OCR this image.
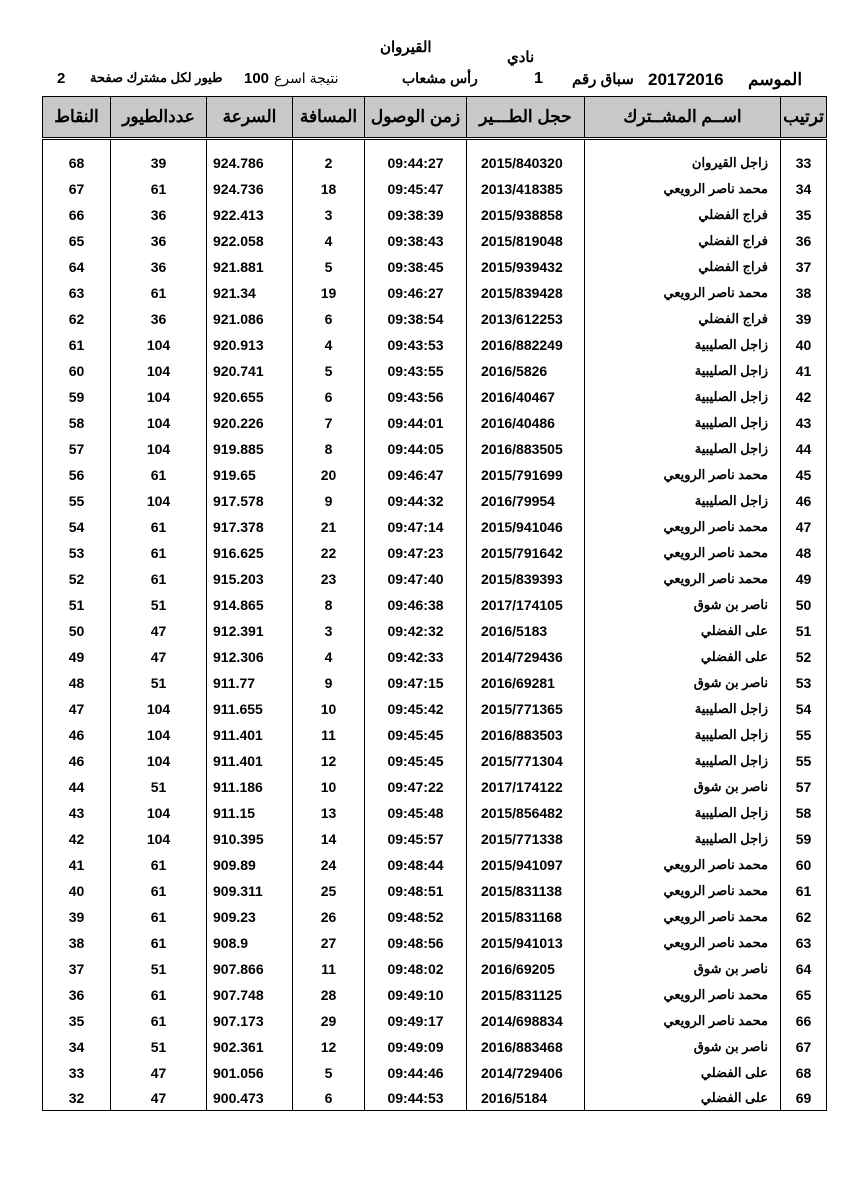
القيروان
نادي
الموسم
20172016
سباق رقم
1
رأس مشعاب
نتيجة اسرع
100
طيور لكل مشترك صفحة
2
ترتيب	اســم المشــترك	حجل الطـــير	زمن الوصول	المسافة	السرعة	عددالطيور	النقاط

33	زاجل القيروان	2015/840320	09:44:27	2	924.786	39	68
34	محمد ناصر الرويعي	2013/418385	09:45:47	18	924.736	61	67
35	فراج الفضلي	2015/938858	09:38:39	3	922.413	36	66
36	فراج الفضلي	2015/819048	09:38:43	4	922.058	36	65
37	فراج الفضلي	2015/939432	09:38:45	5	921.881	36	64
38	محمد ناصر الرويعي	2015/839428	09:46:27	19	921.34	61	63
39	فراج الفضلي	2013/612253	09:38:54	6	921.086	36	62
40	زاجل الصليبية	2016/882249	09:43:53	4	920.913	104	61
41	زاجل الصليبية	2016/5826	09:43:55	5	920.741	104	60
42	زاجل الصليبية	2016/40467	09:43:56	6	920.655	104	59
43	زاجل الصليبية	2016/40486	09:44:01	7	920.226	104	58
44	زاجل الصليبية	2016/883505	09:44:05	8	919.885	104	57
45	محمد ناصر الرويعي	2015/791699	09:46:47	20	919.65	61	56
46	زاجل الصليبية	2016/79954	09:44:32	9	917.578	104	55
47	محمد ناصر الرويعي	2015/941046	09:47:14	21	917.378	61	54
48	محمد ناصر الرويعي	2015/791642	09:47:23	22	916.625	61	53
49	محمد ناصر الرويعي	2015/839393	09:47:40	23	915.203	61	52
50	ناصر بن شوق	2017/174105	09:46:38	8	914.865	51	51
51	على الفضلي	2016/5183	09:42:32	3	912.391	47	50
52	على الفضلي	2014/729436	09:42:33	4	912.306	47	49
53	ناصر بن شوق	2016/69281	09:47:15	9	911.77	51	48
54	زاجل الصليبية	2015/771365	09:45:42	10	911.655	104	47
55	زاجل الصليبية	2016/883503	09:45:45	11	911.401	104	46
55	زاجل الصليبية	2015/771304	09:45:45	12	911.401	104	46
57	ناصر بن شوق	2017/174122	09:47:22	10	911.186	51	44
58	زاجل الصليبية	2015/856482	09:45:48	13	911.15	104	43
59	زاجل الصليبية	2015/771338	09:45:57	14	910.395	104	42
60	محمد ناصر الرويعي	2015/941097	09:48:44	24	909.89	61	41
61	محمد ناصر الرويعي	2015/831138	09:48:51	25	909.311	61	40
62	محمد ناصر الرويعي	2015/831168	09:48:52	26	909.23	61	39
63	محمد ناصر الرويعي	2015/941013	09:48:56	27	908.9	61	38
64	ناصر بن شوق	2016/69205	09:48:02	11	907.866	51	37
65	محمد ناصر الرويعي	2015/831125	09:49:10	28	907.748	61	36
66	محمد ناصر الرويعي	2014/698834	09:49:17	29	907.173	61	35
67	ناصر بن شوق	2016/883468	09:49:09	12	902.361	51	34
68	على الفضلي	2014/729406	09:44:46	5	901.056	47	33
69	على الفضلي	2016/5184	09:44:53	6	900.473	47	32
